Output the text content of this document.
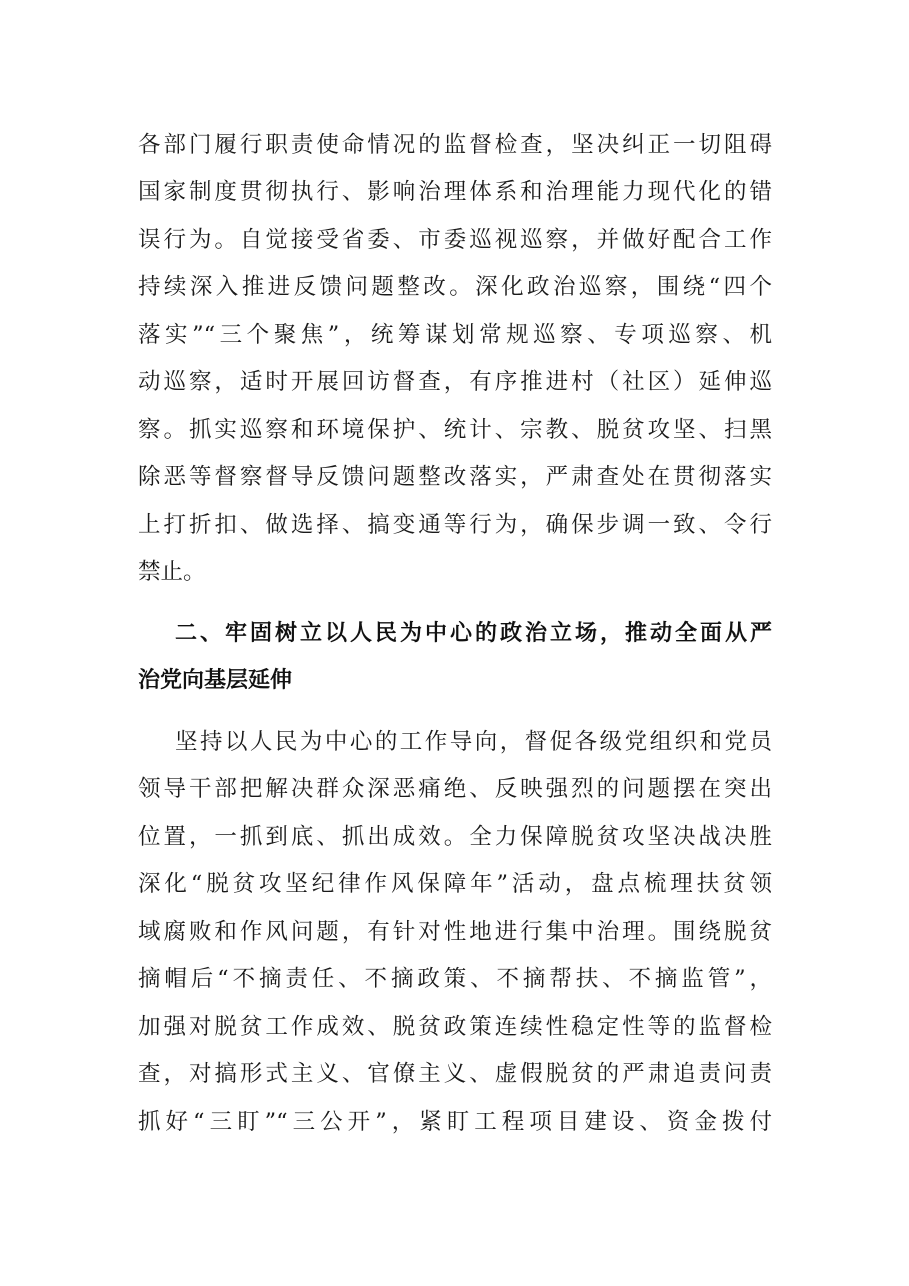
各部门履行职责使命情况的监督检查，坚决纠正一切阻碍
国家制度贯彻执行、影响治理体系和治理能力现代化的错
误行为。自觉接受省委、市委巡视巡察，并做好配合工作
持续深入推进反馈问题整改。深化政治巡察，围绕“四个
落实”“三个聚焦”，统筹谋划常规巡察、专项巡察、机
动巡察，适时开展回访督查，有序推进村（社区）延伸巡
察。抓实巡察和环境保护、统计、宗教、脱贫攻坚、扫黑
除恶等督察督导反馈问题整改落实，严肃查处在贯彻落实
上打折扣、做选择、搞变通等行为，确保步调一致、令行
禁止。
二、牢固树立以人民为中心的政治立场，推动全面从严
治党向基层延伸
坚持以人民为中心的工作导向，督促各级党组织和党员
领导干部把解决群众深恶痛绝、反映强烈的问题摆在突出
位置，一抓到底、抓出成效。全力保障脱贫攻坚决战决胜
深化“脱贫攻坚纪律作风保障年”活动，盘点梳理扶贫领
域腐败和作风问题，有针对性地进行集中治理。围绕脱贫
摘帽后“不摘责任、不摘政策、不摘帮扶、不摘监管”，
加强对脱贫工作成效、脱贫政策连续性稳定性等的监督检
查，对搞形式主义、官僚主义、虚假脱贫的严肃追责问责
抓好“三盯”“三公开”，紧盯工程项目建设、资金拨付
